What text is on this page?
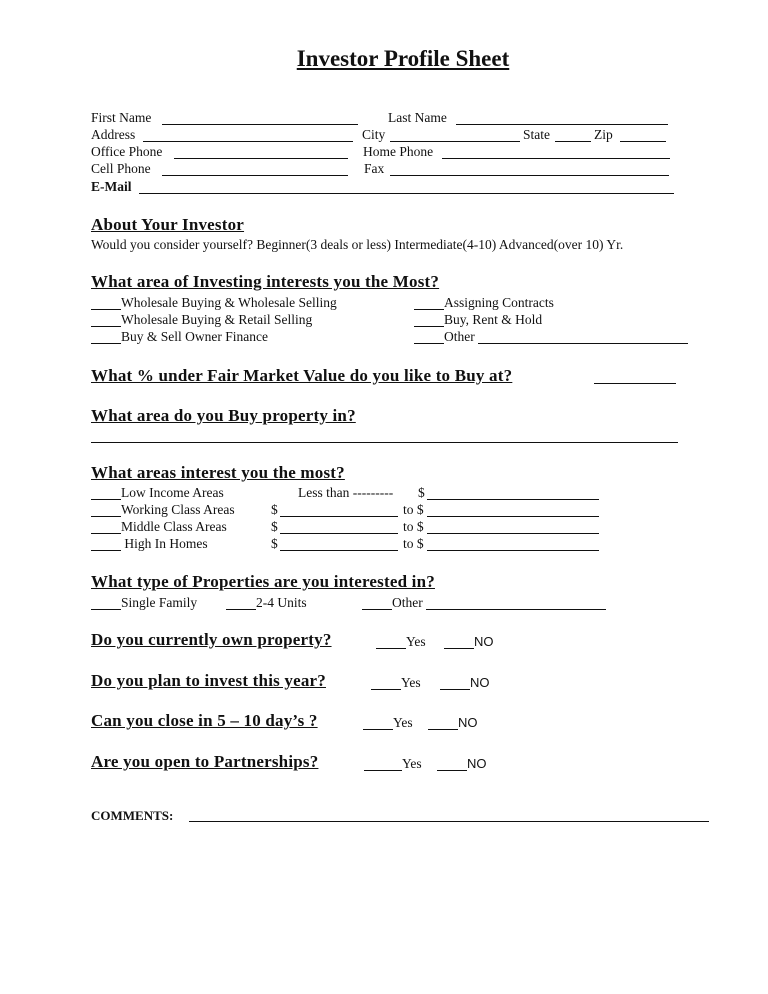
Investor Profile Sheet
First Name	Last Name
Address	City	State	Zip
Office Phone	Home Phone
Cell Phone	Fax
E-Mail
About Your Investor
Would you consider yourself? Beginner(3 deals or less) Intermediate(4-10) Advanced(over 10) Yr.
What area of Investing interests you the Most?
Wholesale Buying & Wholesale Selling	Assigning Contracts
Wholesale Buying & Retail Selling	Buy, Rent & Hold
Buy & Sell Owner Finance	Other
What % under Fair Market Value do you like to Buy at?
What area do you Buy property in?
What areas interest you the most?
Low Income Areas	Less than --------- $
Working Class Areas	$	to $
Middle Class Areas	$	to $
High In Homes	$	to $
What type of Properties are you interested in?
Single Family	2-4 Units	Other
Do you currently own property?	Yes	NO
Do you plan to invest this year?	Yes	NO
Can you close in 5 – 10 day’s ?	Yes	NO
Are you open to Partnerships?	Yes	NO
COMMENTS:
